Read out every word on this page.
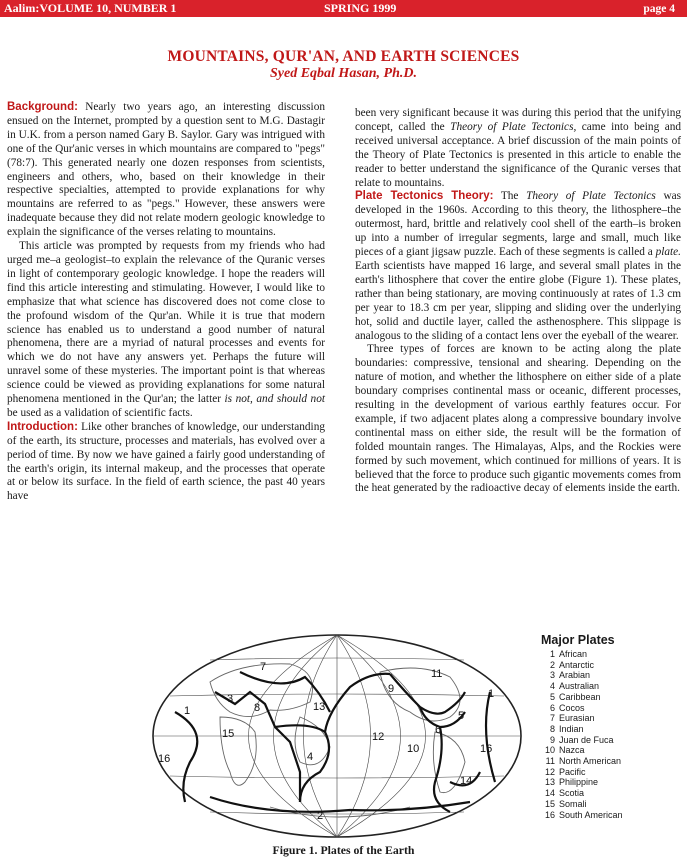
Aalim:VOLUME 10, NUMBER 1	SPRING 1999	page 4
MOUNTAINS, QUR'AN, AND EARTH SCIENCES
Syed Eqbal Hasan, Ph.D.

Background: Nearly two years ago, an interesting discussion ensued on the Internet, prompted by a question sent to M.G. Dastagir in U.K. from a person named Gary B. Saylor. Gary was intrigued with one of the Qur'anic verses in which mountains are compared to "pegs" (78:7). This generated nearly one dozen responses from scientists, engineers and others, who, based on their knowledge in their respective specialties, attempted to provide explanations for why mountains are referred to as "pegs." However, these answers were inadequate because they did not relate modern geologic knowledge to explain the significance of the verses relating to mountains.

This article was prompted by requests from my friends who had urged me–a geologist–to explain the relevance of the Quranic verses in light of contemporary geologic knowledge. I hope the readers will find this article interesting and stimulating. However, I would like to emphasize that what science has discovered does not come close to the profound wisdom of the Qur'an. While it is true that modern science has enabled us to understand a good number of natural phenomena, there are a myriad of natural processes and events for which we do not have any answers yet. Perhaps the future will unravel some of these mysteries. The important point is that whereas science could be viewed as providing explanations for some natural phenomena mentioned in the Qur'an; the latter is not, and should not be used as a validation of scientific facts.

Introduction: Like other branches of knowledge, our understanding of the earth, its structure, processes and materials, has evolved over a period of time. By now we have gained a fairly good understanding of the earth's origin, its internal makeup, and the processes that operate at or below its surface. In the field of earth science, the past 40 years have

been very significant because it was during this period that the unifying concept, called the Theory of Plate Tectonics, came into being and received universal acceptance. A brief discussion of the main points of the Theory of Plate Tectonics is presented in this article to enable the reader to better understand the significance of the Quranic verses that relate to mountains.

Plate Tectonics Theory: The Theory of Plate Tectonics was developed in the 1960s. According to this theory, the lithosphere–the outermost, hard, brittle and relatively cool shell of the earth–is broken up into a number of irregular segments, large and small, much like pieces of a giant jigsaw puzzle. Each of these segments is called a plate. Earth scientists have mapped 16 large, and several small plates in the earth's lithosphere that cover the entire globe (Figure 1). These plates, rather than being stationary, are moving continuously at rates of 1.3 cm per year to 18.3 cm per year, slipping and sliding over the underlying hot, solid and ductile layer, called the asthenosphere. This slippage is analogous to the sliding of a contact lens over the eyeball of the wearer.

Three types of forces are known to be acting along the plate boundaries: compressive, tensional and shearing. Depending on the nature of motion, and whether the lithosphere on either side of a plate boundary comprises continental mass or oceanic, different processes, resulting in the development of various earthly features occur. For example, if two adjacent plates along a compressive boundary involve continental mass on either side, the result will be the formation of folded mountain ranges. The Himalayas, Alps, and the Rockies were formed by such movement, which continued for millions of years. It is believed that the force to produce such gigantic movements comes from the heat generated by the radioactive decay of elements inside the earth.

1
7
3
8	13
9
11
1
15	12
6
5
4
10	16
16
14
2
Major Plates
1 African
2 Antarctic
3 Arabian
4 Australian
5 Caribbean
6 Cocos
7 Eurasian
8 Indian
9 Juan de Fuca
10 Nazca
11 North American
12 Pacific
13 Philippine
14 Scotia
15 Somali
16 South American
Figure 1. Plates of the Earth
